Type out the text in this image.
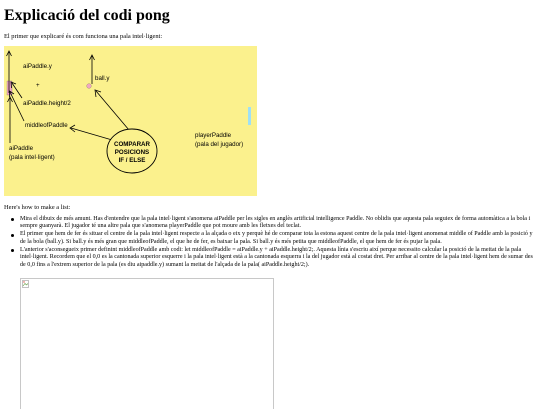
Explicació del codi pong

El primer que explicaré és com funciona una pala intel·ligent:

aiPaddle.y
+
ball.y
aiPaddle.height/2
middleofPaddle
aiPaddle
(pala intel·ligent)
COMPARAR
POSICIONS
IF / ELSE
playerPaddle
(pala del jugador)

Here's how to make a list:

Mira el dibuix de més amunt. Has d'entendre que la pala intel·ligent s'anomena aiPaddle per les sigles en anglès artificial intelligence Paddle. No oblidis que aquesta pala seguiex de forma automàtica a la bola i sempre guanyarà. El jugador té una altre pala que s'anomena playerPaddle que pot moure amb les fletxes del teclat.
El primer que hem de fer és situar el centre de la pala intel·ligent respecte a la alçada o eix y perquè hé de comparar tota la estona aquest centre de la pala intel·ligent anomenat middle of Paddle amb la posició y de la bola (ball.y). Si ball.y és més gran que middleofPaddle, el que he de fer, es baixar la pala. Si ball.y és més petita que middleofPaddle, el que hem de fer és pujar la pala.
L'anterior s'aconsegueix primer definint middleofPaddle amb codi: let middleofPaddle = aiPaddle.y + aiPaddle.height/2;. Aquesta línia s'escriu així perque necessito calcular la posició de la meitat de la pala intel·ligent. Recordem que el 0,0 es la cantonada superior esquerre i la pala intel·ligent està a la cantonada esquerra i la del jugador està al costat dret. Per arribar al centre de la pala intel·ligent hem de sumar des de 0,0 fins a l'extrem superior de la pala (es diu aipaddle.y) sumant la meitat de l'alçada de la pala( aiPaddle.height/2;).
